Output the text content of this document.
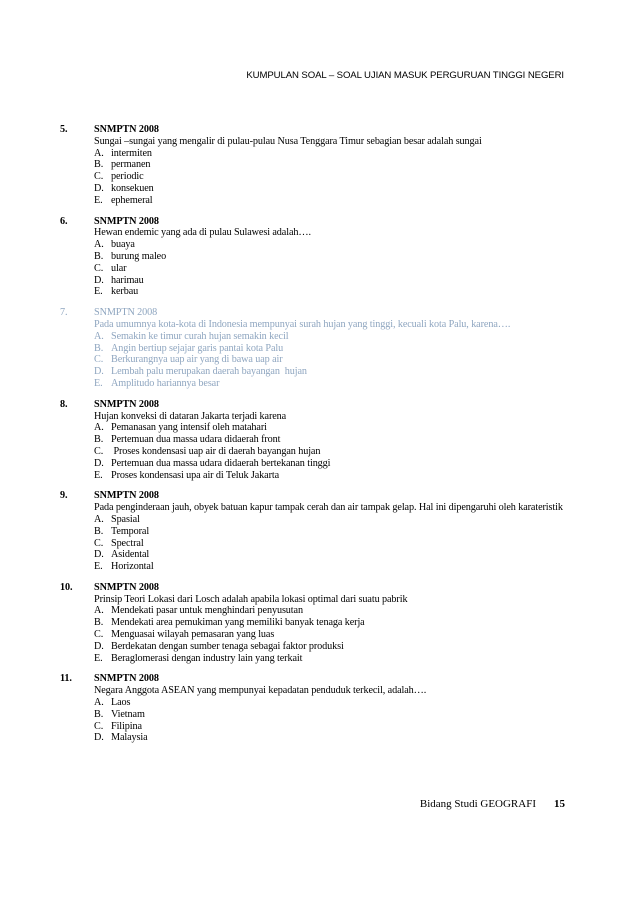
KUMPULAN SOAL – SOAL UJIAN MASUK PERGURUAN TINGGI NEGERI
5.	SNMPTN 2008
Sungai –sungai yang mengalir di pulau-pulau Nusa Tenggara Timur sebagian besar adalah sungai
A. intermiten
B. permanen
C. periodic
D. konsekuen
E. ephemeral
6.	SNMPTN 2008
Hewan endemic yang ada di pulau Sulawesi adalah….
A. buaya
B. burung maleo
C. ular
D. harimau
E. kerbau
7.	SNMPTN 2008
Pada umumnya kota-kota di Indonesia mempunyai surah hujan yang tinggi, kecuali kota Palu, karena….
A. Semakin ke timur curah hujan semakin kecil
B. Angin bertiup sejajar garis pantai kota Palu
C. Berkurangnya uap air yang di bawa uap air
D. Lembah palu merupakan daerah bayangan  hujan
E. Amplitudo hariannya besar
8.	SNMPTN 2008
Hujan konveksi di dataran Jakarta terjadi karena
A. Pemanasan yang intensif oleh matahari
B. Pertemuan dua massa udara didaerah front
C. Proses kondensasi uap air di daerah bayangan hujan
D. Pertemuan dua massa udara didaerah bertekanan tinggi
E. Proses kondensasi upa air di Teluk Jakarta
9.	SNMPTN 2008
Pada penginderaan jauh, obyek batuan kapur tampak cerah dan air tampak gelap. Hal ini dipengaruhi oleh karateristik
A. Spasial
B. Temporal
C. Spectral
D. Asidental
E. Horizontal
10. SNMPTN 2008
Prinsip Teori Lokasi dari Losch adalah apabila lokasi optimal dari suatu pabrik
A. Mendekati pasar untuk menghindari penyusutan
B. Mendekati area pemukiman yang memiliki banyak tenaga kerja
C. Menguasai wilayah pemasaran yang luas
D. Berdekatan dengan sumber tenaga sebagai faktor produksi
E. Beraglomerasi dengan industry lain yang terkait
11. SNMPTN 2008
Negara Anggota ASEAN yang mempunyai kepadatan penduduk terkecil, adalah….
A. Laos
B. Vietnam
C. Filipina
D. Malaysia
Bidang Studi GEOGRAFI 15
